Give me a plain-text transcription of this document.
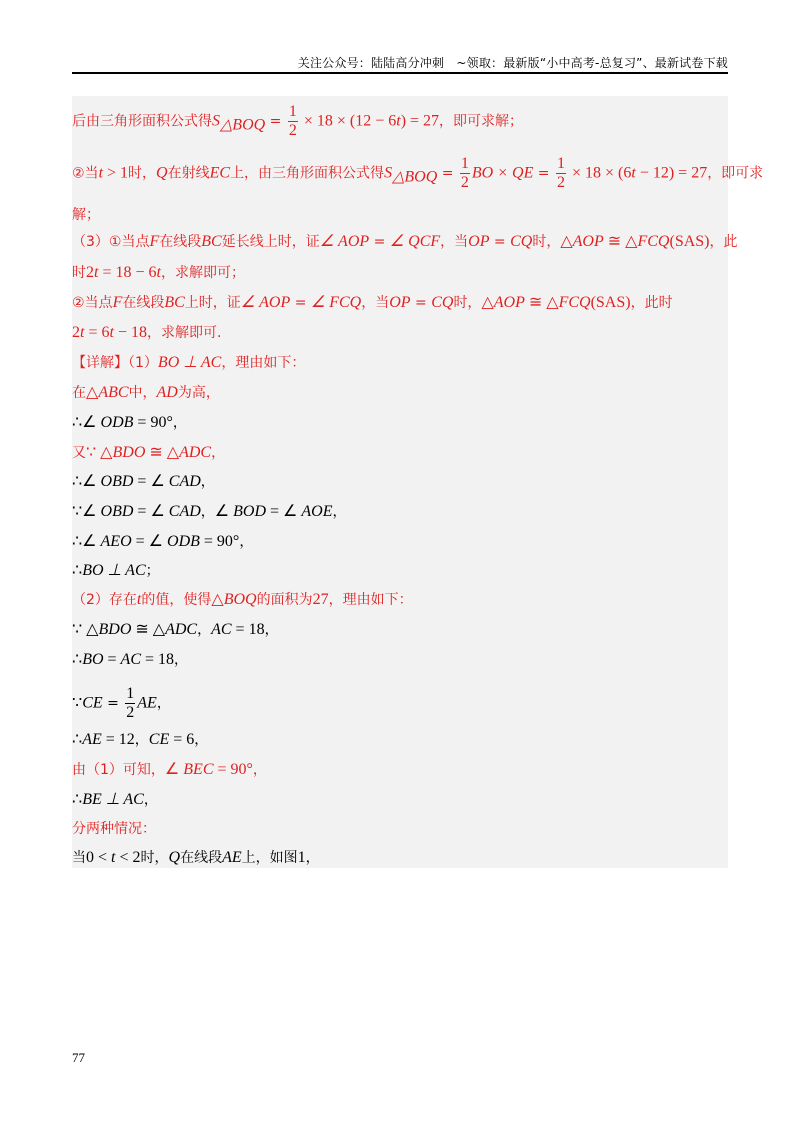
关注公众号：陆陆高分冲刺　~领取：最新版“小中高考-总复习”、最新试卷下载
后由三角形面积公式得$S_{\triangle BOQ} = \frac{1}{2} \times 18 \times (12 - 6t) = 27$，即可求解；
②当t > 1时，Q在射线EC上，由三角形面积公式得$S_{\triangle BOQ} = \frac{1}{2}$ BO × QE = $\frac{1}{2} \times 18 \times (6t - 12) = 27$，即可求
解；
（3）①当点F在线段BC延长线上时，证∠ AOP = ∠ QCF，当OP = CQ时，△AOP ≅ △FCQ(SAS)，此
时2t = 18 − 6t，求解即可；
②当点F在线段BC上时，证∠ AOP = ∠ FCQ，当OP = CQ时，△AOP ≅ △FCQ(SAS)，此时
2t = 6t − 18，求解即可.
【详解】（1）BO ⊥ AC，理由如下：
在△ABC中，AD为高，
∴∠ ODB = 90°，
又∵ △BDO ≅ △ADC，
∴∠ OBD = ∠ CAD，
∵∠ OBD = ∠ CAD，∠ BOD = ∠ AOE，
∴∠ AEO = ∠ ODB = 90°，
∴BO ⊥ AC；
（2）存在t的值，使得△BOQ的面积为27，理由如下：
∵ △BDO ≅ △ADC，AC = 18，
∴BO = AC = 18，
∵CE = $\frac{1}{2}$ AE，
∴AE = 12，CE = 6，
由（1）可知，∠ BEC = 90°，
∴BE ⊥ AC，
分两种情况：
当0 < t < 2时，Q在线段AE上，如图1，
77
